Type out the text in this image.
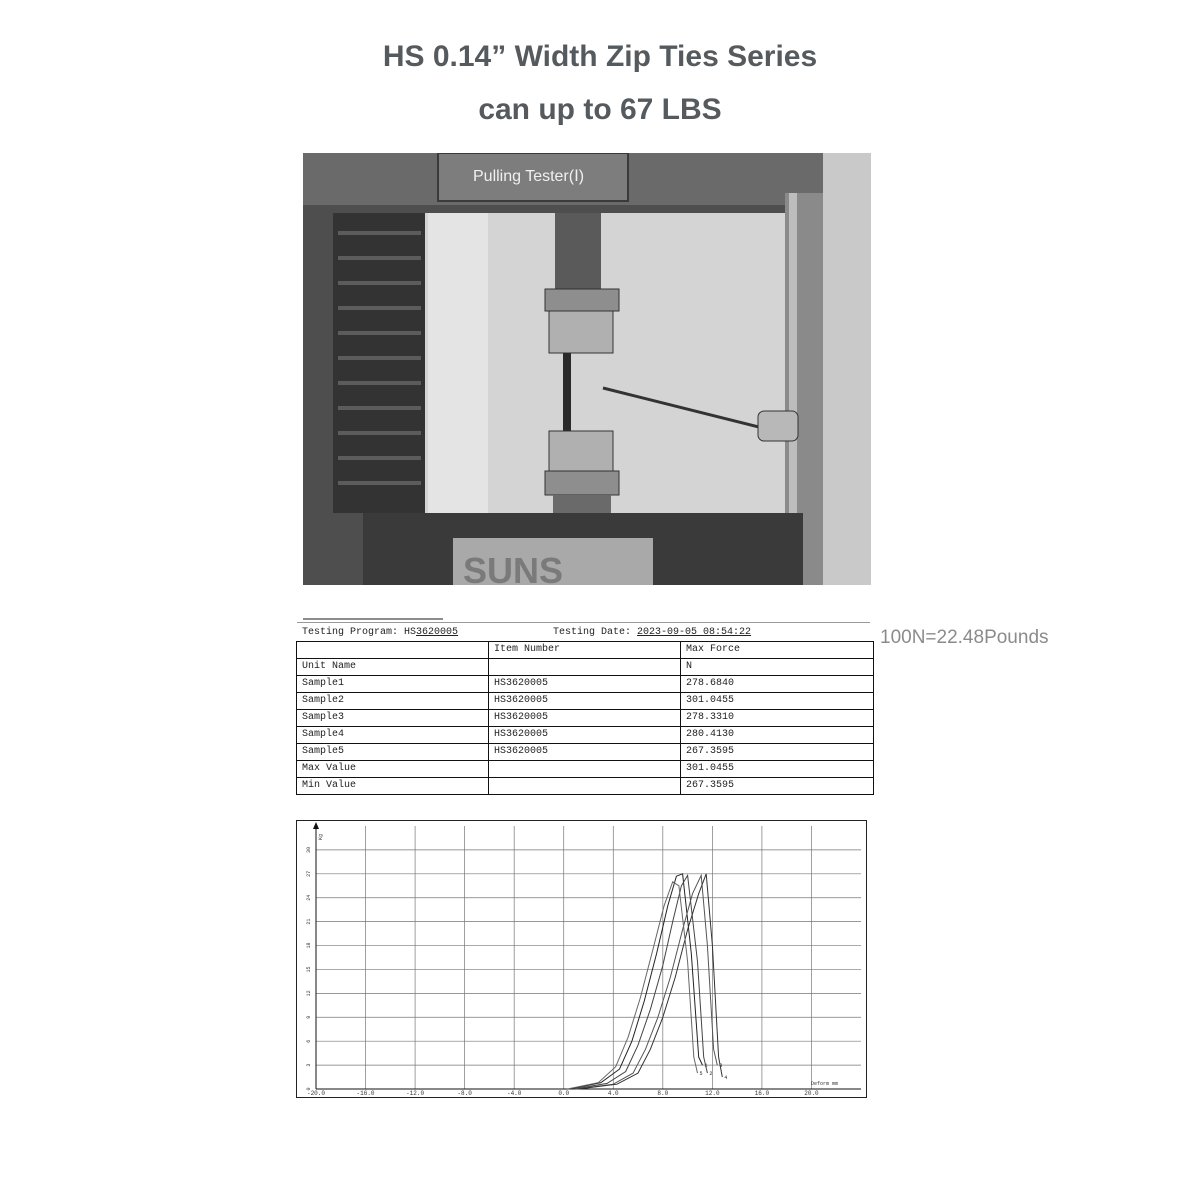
HS 0.14” Width Zip Ties Series
can up to 67 LBS
Pulling Tester(Ⅰ)
SUNS
100N=22.48Pounds
Testing Program: HS3620005	Testing Date: 2023-09-05 08:54:22
	Item Number	Max Force
Unit Name		N
Sample1	HS3620005	278.6840
Sample2	HS3620005	301.0455
Sample3	HS3620005	278.3310
Sample4	HS3620005	280.4130
Sample5	HS3620005	267.3595
Max Value		301.0455
Min Value		267.3595
1
2
3
4
5
-20.0	-16.0	-12.0	-8.0	-4.0	0.0	4.0	8.0	12.0	16.0	20.0
0
3
6
9
12
15
18
21
24
27
30
Kg
Deform mm
